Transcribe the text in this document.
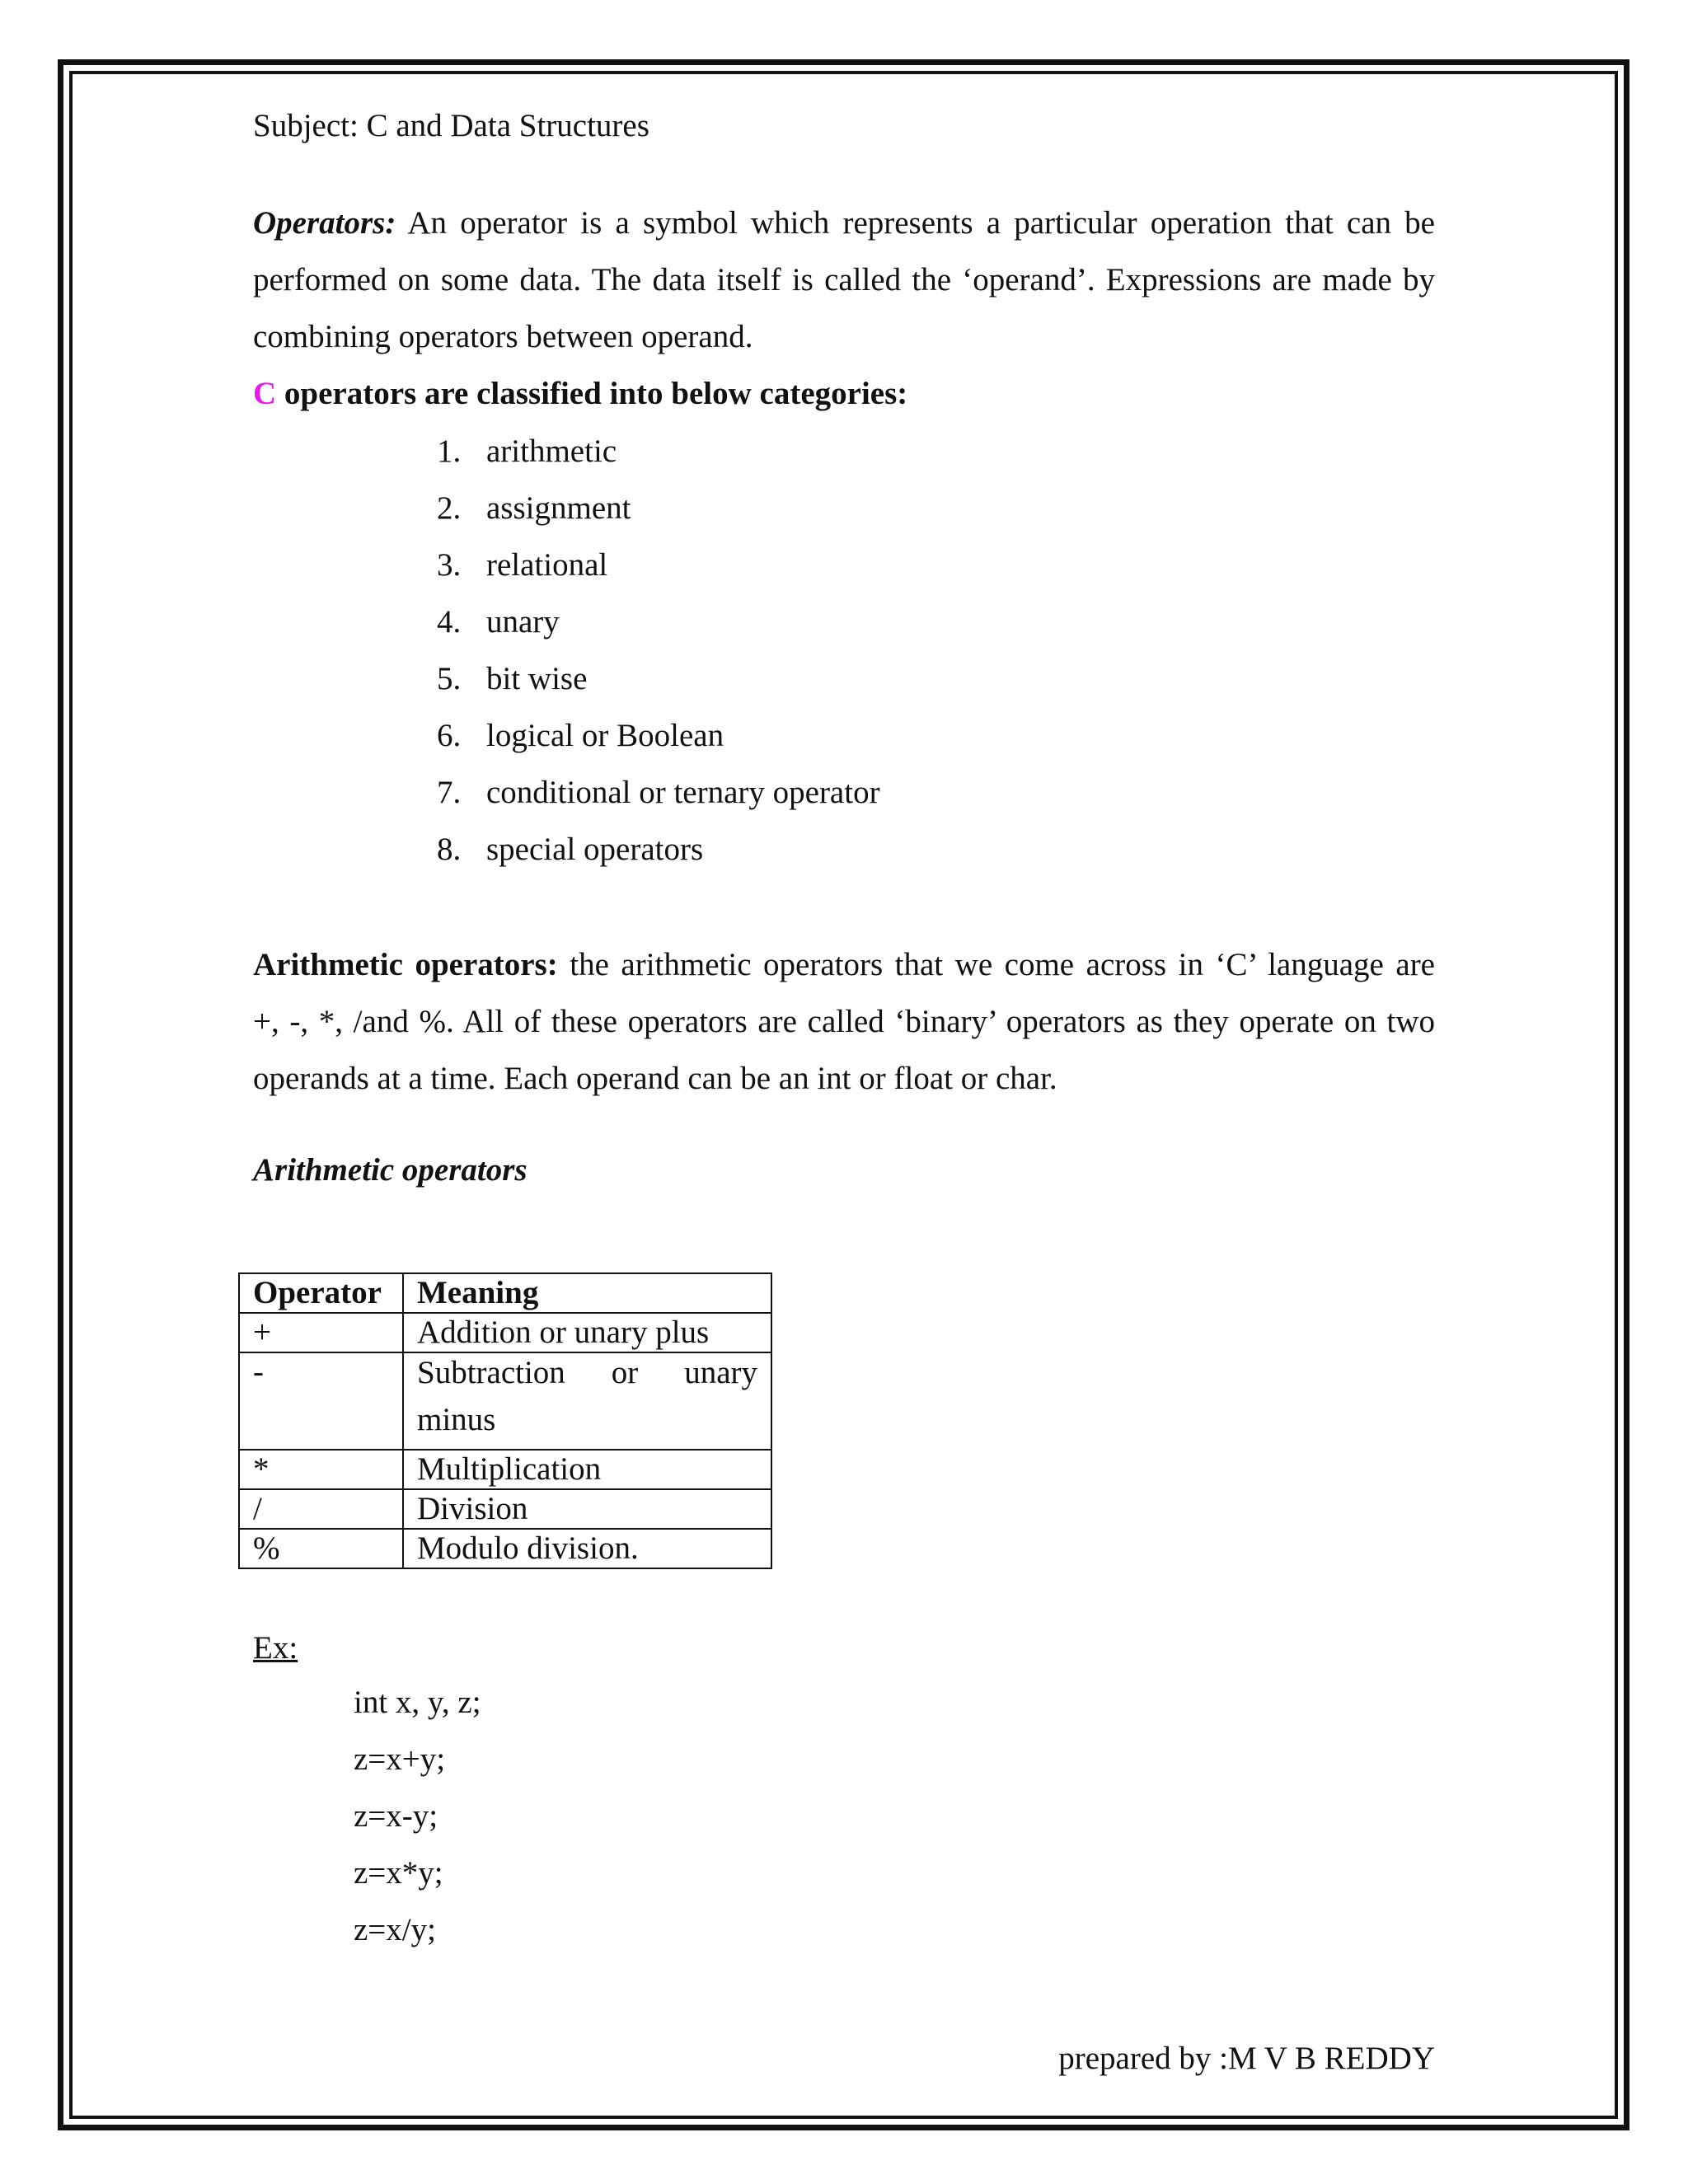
Subject: C and Data Structures

Operators: An operator is a symbol which represents a particular operation that can be

performed on some data. The data itself is called the ‘operand’. Expressions are made by

combining operators between operand.

C operators are classified into below categories:
1. arithmetic
2. assignment
3. relational
4. unary
5. bit wise
6. logical or Boolean
7. conditional or ternary operator
8. special operators

Arithmetic operators: the arithmetic operators that we come across in ‘C’ language are

+, -, *, /and %. All of these operators are called ‘binary’ operators as they operate on two

operands at a time. Each operand can be an int or float or char.

Arithmetic operators
Operator	Meaning
+	Addition or unary plus
-	Subtraction or unary
minus

*	Multiplication
/	Division
%	Modulo division.
Ex:
int x, y, z;
z=x+y;
z=x-y;
z=x*y;
z=x/y;
prepared by :M V B REDDY
